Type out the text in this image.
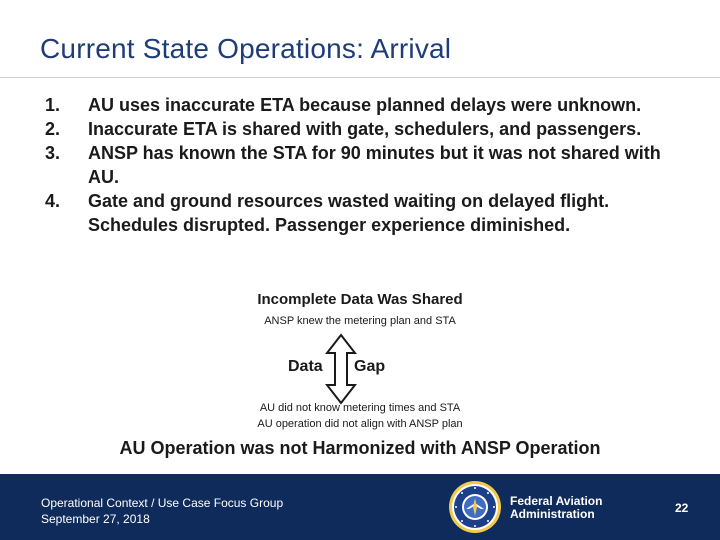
Current State Operations: Arrival
1. AU uses inaccurate ETA because planned delays were unknown.
2. Inaccurate ETA is shared with gate, schedulers, and passengers.
3. ANSP has known the STA for 90 minutes but it was not shared with AU.
4. Gate and ground resources wasted waiting on delayed flight. Schedules disrupted. Passenger experience diminished.
Incomplete Data Was Shared
ANSP knew the metering plan and STA
Data Gap
AU did not know metering times and STA
AU operation did not align with ANSP plan
AU Operation was not Harmonized with ANSP Operation
Operational Context / Use Case Focus Group
September 27, 2018
Federal Aviation
Administration	22
